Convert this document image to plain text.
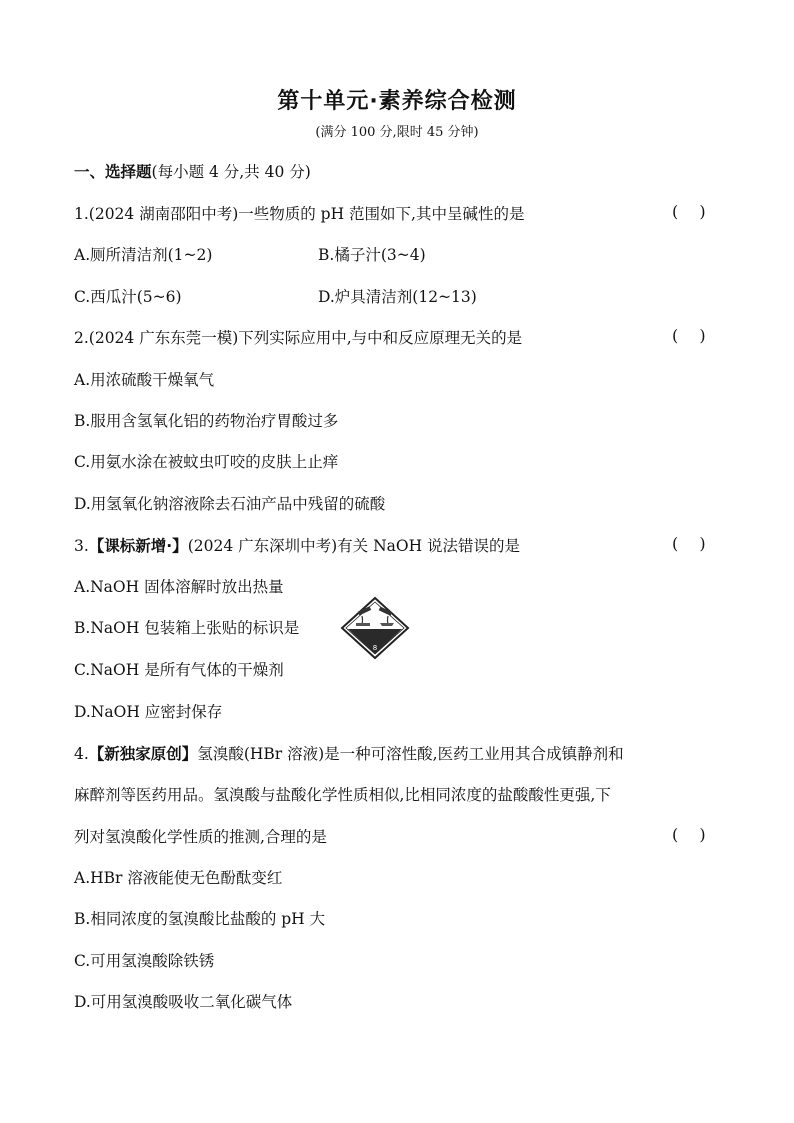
第十单元·素养综合检测
(满分 100 分,限时 45 分钟)
一、选择题(每小题 4 分,共 40 分)
1.(2024 湖南邵阳中考)一些物质的 pH 范围如下,其中呈碱性的是	( )
A.厕所清洁剂(1~2)	B.橘子汁(3~4)
C.西瓜汁(5~6)	D.炉具清洁剂(12~13)
2.(2024 广东东莞一模)下列实际应用中,与中和反应原理无关的是	( )
A.用浓硫酸干燥氧气
B.服用含氢氧化铝的药物治疗胃酸过多
C.用氨水涂在被蚊虫叮咬的皮肤上止痒
D.用氢氧化钠溶液除去石油产品中残留的硫酸
3.【课标新增·】(2024 广东深圳中考)有关 NaOH 说法错误的是	( )
A.NaOH 固体溶解时放出热量
B.NaOH 包装箱上张贴的标识是
8
C.NaOH 是所有气体的干燥剂
D.NaOH 应密封保存
4.【新独家原创】氢溴酸(HBr 溶液)是一种可溶性酸,医药工业用其合成镇静剂和
麻醉剂等医药用品。氢溴酸与盐酸化学性质相似,比相同浓度的盐酸酸性更强,下
列对氢溴酸化学性质的推测,合理的是	( )
A.HBr 溶液能使无色酚酞变红
B.相同浓度的氢溴酸比盐酸的 pH 大
C.可用氢溴酸除铁锈
D.可用氢溴酸吸收二氧化碳气体
